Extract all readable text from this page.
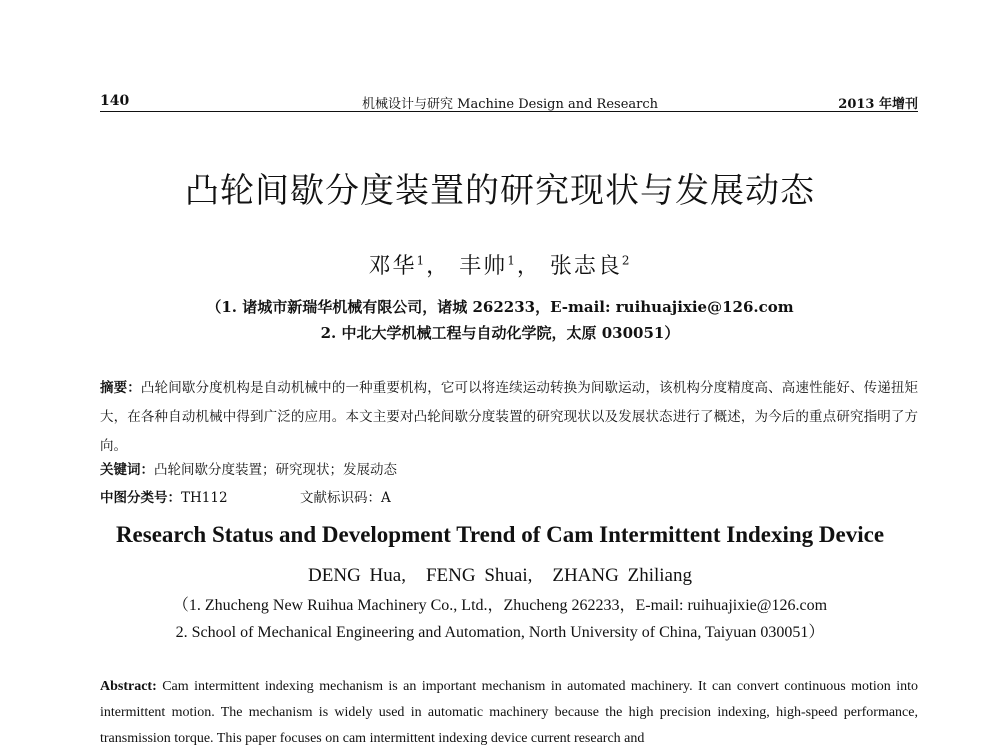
140	机械设计与研究 Machine Design and Research	2013 年增刊
凸轮间歇分度装置的研究现状与发展动态
邓华$^1$， 丰帅$^1$， 张志良$^2$
（1. 诸城市新瑞华机械有限公司，诸城 262233，E-mail: ruihuajixie@126.com
2. 中北大学机械工程与自动化学院，太原 030051）
摘要：凸轮间歇分度机构是自动机械中的一种重要机构，它可以将连续运动转换为间歇运动，该机构分度精度高、高速性能好、传递扭矩大，在各种自动机械中得到广泛的应用。本文主要对凸轮间歇分度装置的研究现状以及发展状态进行了概述，为今后的重点研究指明了方向。
关键词：凸轮间歇分度装置；研究现状；发展动态
中图分类号：TH112	文献标识码：A
Research Status and Development Trend of Cam Intermittent Indexing Device
DENG Hua, FENG Shuai, ZHANG Zhiliang
（1. Zhucheng New Ruihua Machinery Co., Ltd.，Zhucheng 262233，E-mail: ruihuajixie@126.com
2. School of Mechanical Engineering and Automation, North University of China, Taiyuan 030051）
Abstract: Cam intermittent indexing mechanism is an important mechanism in automated machinery. It can convert continuous motion into intermittent motion. The mechanism is widely used in automatic machinery because the high precision indexing, high-speed performance, transmission torque. This paper focuses on cam intermittent indexing device current research and
